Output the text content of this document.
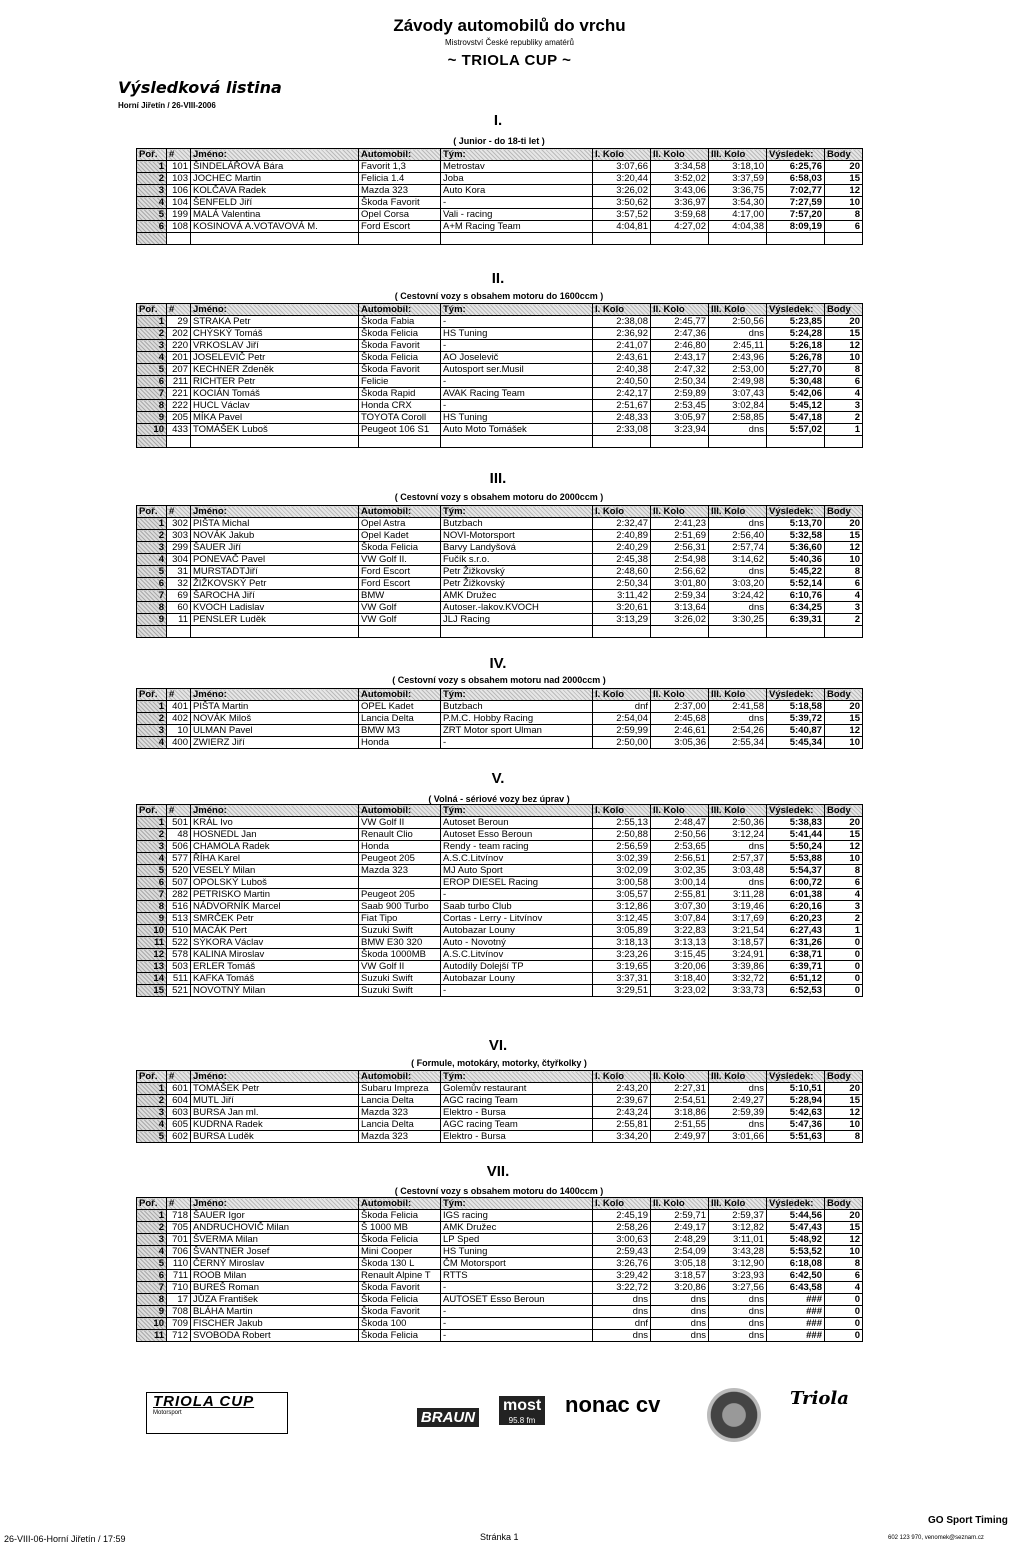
Závody automobilů do vrchu
Mistrovství České republiky amatérů
~ TRIOLA CUP ~
Výsledková listina
Horní Jiřetín / 26-VIII-2006
I.
( Junior - do 18-ti let )
Poř.	#	Jméno:	Automobil:	Tým:	I. Kolo	II. Kolo	III. Kolo	Výsledek:	Body
1	101	ŠINDELÁŘOVÁ Bára	Favorit 1,3	Metrostav	3:07,66	3:34,58	3:18,10	6:25,76	20
2	103	JOCHEC Martin	Felicia 1.4	Joba	3:20,44	3:52,02	3:37,59	6:58,03	15
3	106	KOLČAVA Radek	Mazda 323	Auto Kora	3:26,02	3:43,06	3:36,75	7:02,77	12
4	104	ŠENFELD Jiří	Škoda Favorit	-	3:50,62	3:36,97	3:54,30	7:27,59	10
5	199	MALÁ Valentina	Opel Corsa	Vali - racing	3:57,52	3:59,68	4:17,00	7:57,20	8
6	108	KOSINOVÁ A.VOTAVOVÁ M.	Ford Escort	A+M Racing Team	4:04,81	4:27,02	4:04,38	8:09,19	6

II.
( Cestovní vozy s obsahem motoru do 1600ccm )
Poř.	#	Jméno:	Automobil:	Tým:	I. Kolo	II. Kolo	III. Kolo	Výsledek:	Body
1	29	STRAKA Petr	Škoda Fabia	-	2:38,08	2:45,77	2:50,56	5:23,85	20
2	202	CHÝSKÝ Tomáš	Škoda Felicia	HS Tuning	2:36,92	2:47,36	dns	5:24,28	15
3	220	VRKOSLAV Jiří	Škoda Favorit	-	2:41,07	2:46,80	2:45,11	5:26,18	12
4	201	JOSELEVIČ Petr	Škoda Felicia	AO Joselevič	2:43,61	2:43,17	2:43,96	5:26,78	10
5	207	KECHNER Zdeněk	Škoda Favorit	Autosport ser.Musil	2:40,38	2:47,32	2:53,00	5:27,70	8
6	211	RICHTER Petr	Felicie	-	2:40,50	2:50,34	2:49,98	5:30,48	6
7	221	KOCIÁN Tomáš	Škoda Rapid	AVAK Racing Team	2:42,17	2:59,89	3:07,43	5:42,06	4
8	222	HUCL Václav	Honda CRX	-	2:51,67	2:53,45	3:02,84	5:45,12	3
9	205	MÍKA Pavel	TOYOTA Coroll	HS Tuning	2:48,33	3:05,97	2:58,85	5:47,18	2
10	433	TOMÁŠEK Luboš	Peugeot 106 S1	Auto Moto Tomášek	2:33,08	3:23,94	dns	5:57,02	1

III.
( Cestovní vozy s obsahem motoru do 2000ccm )
Poř.	#	Jméno:	Automobil:	Tým:	I. Kolo	II. Kolo	III. Kolo	Výsledek:	Body
1	302	PIŠTA Michal	Opel Astra	Butzbach	2:32,47	2:41,23	dns	5:13,70	20
2	303	NOVÁK Jakub	Opel Kadet	NOVI-Motorsport	2:40,89	2:51,69	2:56,40	5:32,58	15
3	299	ŠAUER Jiří	Škoda Felicia	Barvy Landyšová	2:40,29	2:56,31	2:57,74	5:36,60	12
4	304	PONEVAČ Pavel	VW Golf II.	Fučík s.r.o.	2:45,38	2:54,98	3:14,62	5:40,36	10
5	31	MURSTADTJiří	Ford Escort	Petr Žižkovský	2:48,60	2:56,62	dns	5:45,22	8
6	32	ŽIŽKOVSKÝ Petr	Ford Escort	Petr Žižkovský	2:50,34	3:01,80	3:03,20	5:52,14	6
7	69	ŠAROCHA Jiří	BMW	AMK Družec	3:11,42	2:59,34	3:24,42	6:10,76	4
8	60	KVOCH Ladislav	VW Golf	Autoser.-lakov.KVOCH	3:20,61	3:13,64	dns	6:34,25	3
9	11	PENSLER Luděk	VW Golf	JLJ Racing	3:13,29	3:26,02	3:30,25	6:39,31	2

IV.
( Cestovní vozy s obsahem motoru nad 2000ccm )
Poř.	#	Jméno:	Automobil:	Tým:	I. Kolo	II. Kolo	III. Kolo	Výsledek:	Body
1	401	PIŠTA Martin	OPEL Kadet	Butzbach	dnf	2:37,00	2:41,58	5:18,58	20
2	402	NOVÁK Miloš	Lancia Delta	P.M.C. Hobby Racing	2:54,04	2:45,68	dns	5:39,72	15
3	10	ULMAN Pavel	BMW M3	ZRT Motor sport Ulman	2:59,99	2:46,61	2:54,26	5:40,87	12
4	400	ZWIERZ Jiří	Honda	-	2:50,00	3:05,36	2:55,34	5:45,34	10
V.
( Volná - sériové vozy bez úprav )
Poř.	#	Jméno:	Automobil:	Tým:	I. Kolo	II. Kolo	III. Kolo	Výsledek:	Body
1	501	KRÁL Ivo	VW Golf II	Autoset Beroun	2:55,13	2:48,47	2:50,36	5:38,83	20
2	48	HOSNEDL Jan	Renault Clio	Autoset Esso Beroun	2:50,88	2:50,56	3:12,24	5:41,44	15
3	506	CHAMOLA Radek	Honda	Rendy - team racing	2:56,59	2:53,65	dns	5:50,24	12
4	577	ŘÍHA Karel	Peugeot 205	A.S.C.Litvínov	3:02,39	2:56,51	2:57,37	5:53,88	10
5	520	VESELÝ Milan	Mazda 323	MJ Auto Sport	3:02,09	3:02,35	3:03,48	5:54,37	8
6	507	OPOLSKÝ Luboš		EROP DIESEL Racing	3:00,58	3:00,14	dns	6:00,72	6
7	282	PETRISKO Martin	Peugeot 205	-	3:05,57	2:55,81	3:11,28	6:01,38	4
8	516	NÁDVORNÍK Marcel	Saab 900 Turbo	Saab turbo Club	3:12,86	3:07,30	3:19,46	6:20,16	3
9	513	SMRČEK Petr	Fiat Tipo	Cortas - Lerry - Litvínov	3:12,45	3:07,84	3:17,69	6:20,23	2
10	510	MACÁK Pert	Suzuki Swift	Autobazar Louny	3:05,89	3:22,83	3:21,54	6:27,43	1
11	522	SÝKORA Václav	BMW E30 320	Auto - Novotný	3:18,13	3:13,13	3:18,57	6:31,26	0
12	578	KALINA Miroslav	Škoda 1000MB	A.S.C.Litvínov	3:23,26	3:15,45	3:24,91	6:38,71	0
13	503	ERLER Tomáš	VW Golf II	Autodíly Dolejší TP	3:19,65	3:20,06	3:39,86	6:39,71	0
14	511	KAFKA Tomáš	Suzuki Swift	Autobazar Louny	3:37,31	3:18,40	3:32,72	6:51,12	0
15	521	NOVOTNÝ Milan	Suzuki Swift	-	3:29,51	3:23,02	3:33,73	6:52,53	0
VI.
( Formule, motokáry, motorky, čtyřkolky )
Poř.	#	Jméno:	Automobil:	Tým:	I. Kolo	II. Kolo	III. Kolo	Výsledek:	Body
1	601	TOMÁŠEK Petr	Subaru Impreza	Golemův restaurant	2:43,20	2:27,31	dns	5:10,51	20
2	604	MUTL Jiří	Lancia Delta	AGC racing Team	2:39,67	2:54,51	2:49,27	5:28,94	15
3	603	BURSA Jan ml.	Mazda 323	Elektro - Bursa	2:43,24	3:18,86	2:59,39	5:42,63	12
4	605	KUDRNA Radek	Lancia Delta	AGC racing Team	2:55,81	2:51,55	dns	5:47,36	10
5	602	BURSA Luděk	Mazda 323	Elektro - Bursa	3:34,20	2:49,97	3:01,66	5:51,63	8
VII.
( Cestovní vozy s obsahem motoru do 1400ccm )
Poř.	#	Jméno:	Automobil:	Tým:	I. Kolo	II. Kolo	III. Kolo	Výsledek:	Body
1	718	ŠAUER Igor	Škoda Felicia	IGS racing	2:45,19	2:59,71	2:59,37	5:44,56	20
2	705	ANDRUCHOVIČ Milan	Š 1000 MB	AMK Družec	2:58,26	2:49,17	3:12,82	5:47,43	15
3	701	ŠVERMA Milan	Škoda Felicia	LP Sped	3:00,63	2:48,29	3:11,01	5:48,92	12
4	706	ŠVANTNER Josef	Mini Cooper	HS Tuning	2:59,43	2:54,09	3:43,28	5:53,52	10
5	110	ČERNÝ Miroslav	Škoda 130 L	ČM Motorsport	3:26,76	3:05,18	3:12,90	6:18,08	8
6	711	ROOB Milan	Renault Alpine T	RTTS	3:29,42	3:18,57	3:23,93	6:42,50	6
7	710	BUREŠ Roman	Škoda Favorit	-	3:22,72	3:20,86	3:27,56	6:43,58	4
8	17	JŮZA František	Škoda Felicia	AUTOSET Esso Beroun	dns	dns	dns	###	0
9	708	BLÁHA Martin	Škoda Favorit	-	dns	dns	dns	###	0
10	709	FISCHER Jakub	Škoda 100	-	dnf	dns	dns	###	0
11	712	SVOBODA Robert	Škoda Felicia	-	dns	dns	dns	###	0
TRIOLA CUP
Motorsport	BRAUN
most
95.8 fm
nonac cv	Triola
26-VIII-06-Horní Jiřetín / 17:59	Stránka 1
GO Sport Timing
602 123 970, venomek@seznam.cz
